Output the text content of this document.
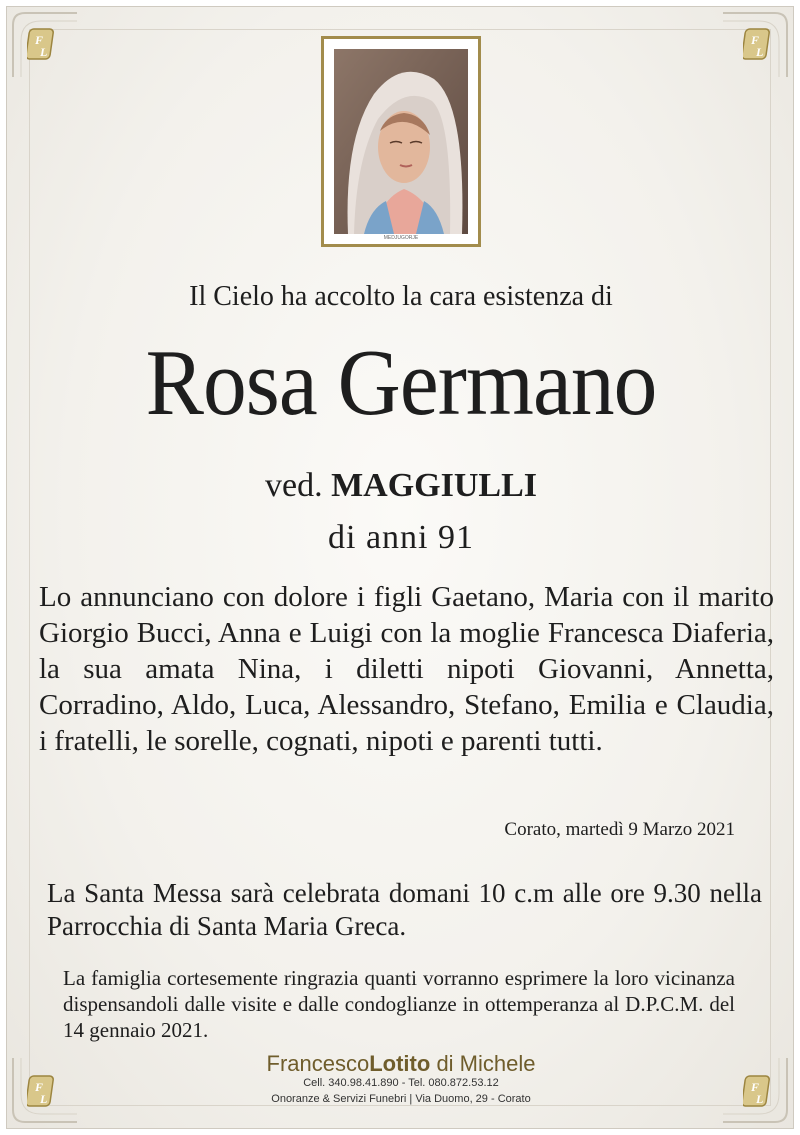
F
L
F
L
F
L
F
L
MEDJUGORJE
Il Cielo ha accolto la cara esistenza di
Rosa Germano
ved. MAGGIULLI
di anni 91
Lo annunciano con dolore i figli Gaetano, Maria con il marito Giorgio Bucci, Anna e Luigi con la moglie Francesca Diaferia, la sua amata Nina, i diletti nipoti Giovanni, Annetta, Corradino, Aldo, Luca, Alessandro, Stefano, Emilia e Claudia, i fratelli, le sorelle, cognati, nipoti e parenti tutti.
Corato, martedì 9 Marzo 2021
La Santa Messa sarà celebrata domani 10 c.m alle ore 9.30 nella Parrocchia di Santa Maria Greca.
La famiglia cortesemente ringrazia quanti vorranno esprimere la loro vicinanza dispensandoli dalle visite e dalle condoglianze in ottemperanza al D.P.C.M. del 14 gennaio 2021.
FrancescoLotito di Michele
Cell. 340.98.41.890 - Tel. 080.872.53.12
Onoranze & Servizi Funebri | Via Duomo, 29 - Corato
